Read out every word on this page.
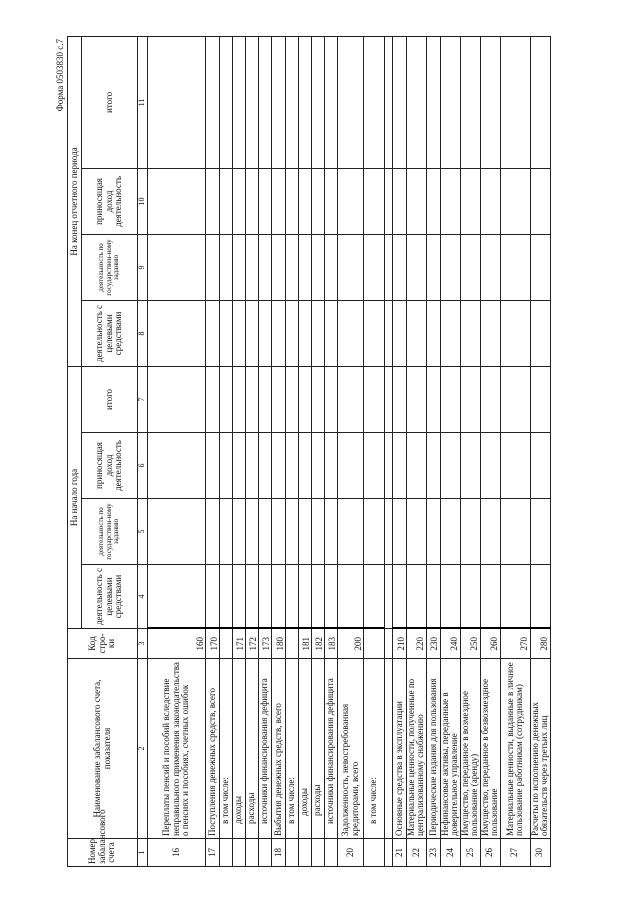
Форма 0503830 с.7
Номер забалансового счета	Наименование забалансового счета, показателя	Код стро-ки	На начало года				На конец отчетного периода			
			деятельность с целевыми средствами	деятельность по государствен-ному заданию	приносящая доход деятельность	итого	деятельность с целевыми средствами	деятельность по государствен-ному заданию	приносящая доход деятельность	итого
1	2	3	4	5	6	7	8	9	10	11
16	Переплаты пенсий и пособий вследствие неправильного применения законодательства о пенсиях и пособиях, счетных ошибок	160								
17	Поступления денежных средств, всего	170								
	в том числе:									
	доходы	171								
	расходы	172								
	источники финансирования дефицита	173								
18	Выбытия денежных средств, всего	180								
	в том числе:									
	доходы	181								
	расходы	182								
	источники финансирования дефицита	183								
20	Задолженность, невостребованная кредиторами, всего	200								
	в том числе:									

21	Основные средства в эксплуатации	210								
22	Материальные ценности, полученные по централизованному снабжению	220								
23	Периодические издания для пользования	230								
24	Нефинансовые активы, переданные в доверительное управление	240								
25	Имущество, переданное в возмездное пользование (аренду)	250								
26	Имущество, переданное в безвозмездное пользование	260								
27	Материальные ценности, выданные в личное пользование работникам (сотрудникам)	270								
30	Расчеты по исполнению денежных обязательств через третьих лиц	280								
